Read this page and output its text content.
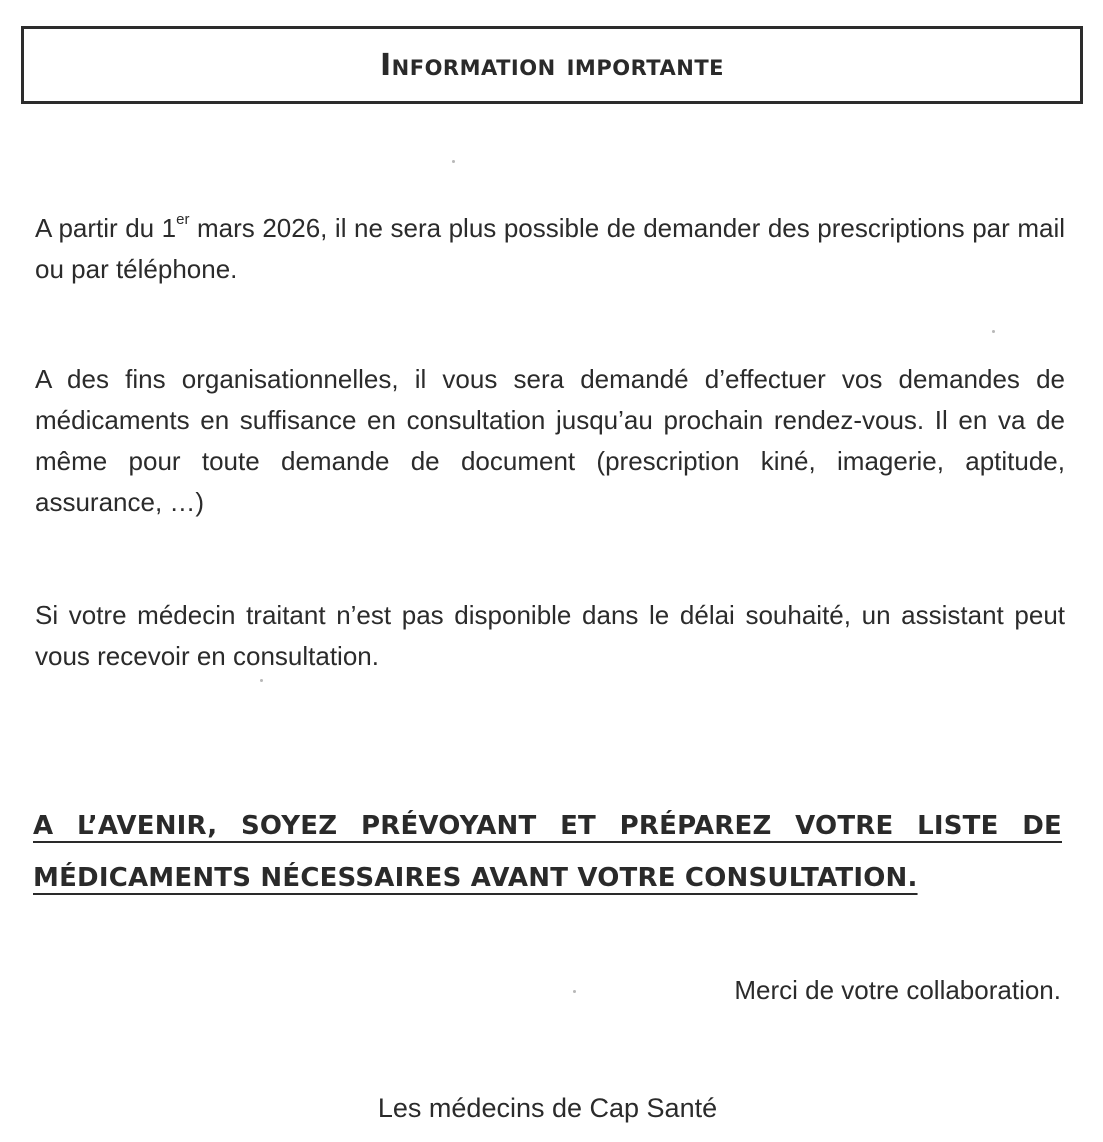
Information importante

A partir du 1er mars 2026, il ne sera plus possible de demander des prescriptions par mail ou par téléphone.

A des fins organisationnelles, il vous sera demandé d’effectuer vos demandes de médicaments en suffisance en consultation jusqu’au prochain rendez-vous. Il en va de même pour toute demande de document (prescription kiné, imagerie, aptitude, assurance, …)

Si votre médecin traitant n’est pas disponible dans le délai souhaité, un assistant peut vous recevoir en consultation.

A L’AVENIR, SOYEZ PRÉVOYANT ET PRÉPAREZ VOTRE LISTE DE MÉDICAMENTS NÉCESSAIRES AVANT VOTRE CONSULTATION.

Merci de votre collaboration.

Les médecins de Cap Santé
